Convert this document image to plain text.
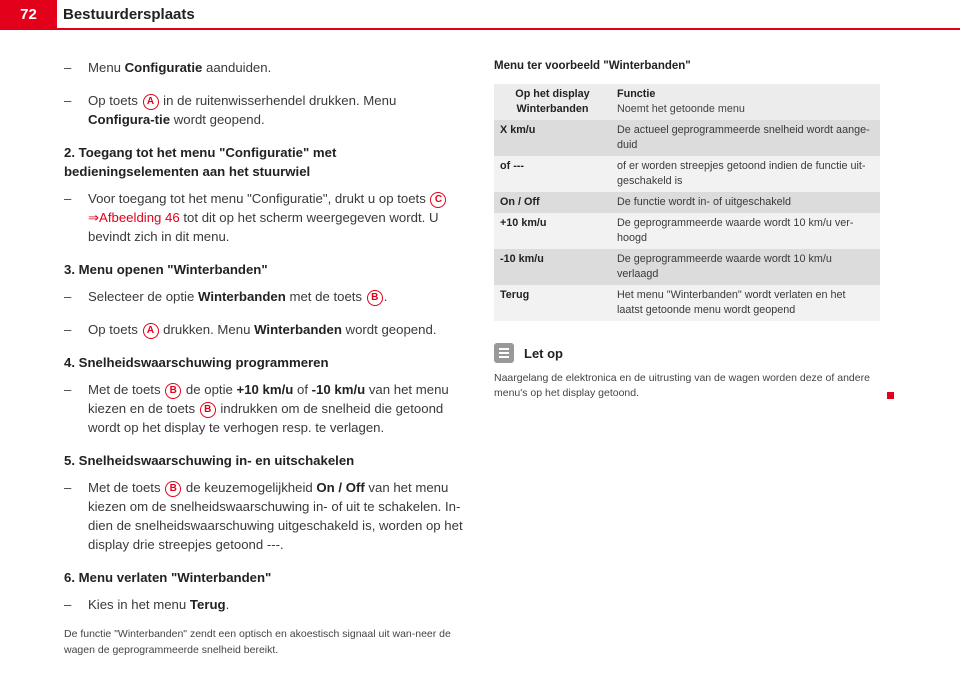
72	Bestuurdersplaats
– Menu Configuratie aanduiden.
– Op toets A in de ruitenwisserhendel drukken. Menu Configura-tie wordt geopend.
2. Toegang tot het menu "Configuratie" met bedieningselementen aan het stuurwiel
– Voor toegang tot het menu "Configuratie", drukt u op toets C
⇒Afbeelding 46 tot dit op het scherm weergegeven wordt. U bevindt zich in dit menu.
3. Menu openen "Winterbanden"
– Selecteer de optie Winterbanden met de toets B .
– Op toets A drukken. Menu Winterbanden wordt geopend.
4. Snelheidswaarschuwing programmeren
– Met de toets B de optie +10 km/u of -10 km/u van het menu kiezen en de toets B indrukken om de snelheid die getoond wordt op het display te verhogen resp. te verlagen.
5. Snelheidswaarschuwing in- en uitschakelen
– Met de toets B de keuzemogelijkheid On / Off van het menu kiezen om de snelheidswaarschuwing in- of uit te schakelen. In-dien de snelheidswaarschuwing uitgeschakeld is, worden op het display drie streepjes getoond ---.
6. Menu verlaten "Winterbanden"
– Kies in het menu Terug.
De functie "Winterbanden" zendt een optisch en akoestisch signaal uit wan-neer de wagen de geprogrammeerde snelheid bereikt.
Menu ter voorbeeld "Winterbanden"
Op het display Winterbanden	Functie
Noemt het getoonde menu
X km/u	De actueel geprogrammeerde snelheid wordt aange-duid
of ---	of er worden streepjes getoond indien de functie uit-geschakeld is
On / Off	De functie wordt in- of uitgeschakeld
+10 km/u	De geprogrammeerde waarde wordt 10 km/u ver-hoogd
-10 km/u	De geprogrammeerde waarde wordt 10 km/u verlaagd
Terug	Het menu "Winterbanden" wordt verlaten en het laatst getoonde menu wordt geopend
Let op
Naargelang de elektronica en de uitrusting van de wagen worden deze of andere menu's op het display getoond.
